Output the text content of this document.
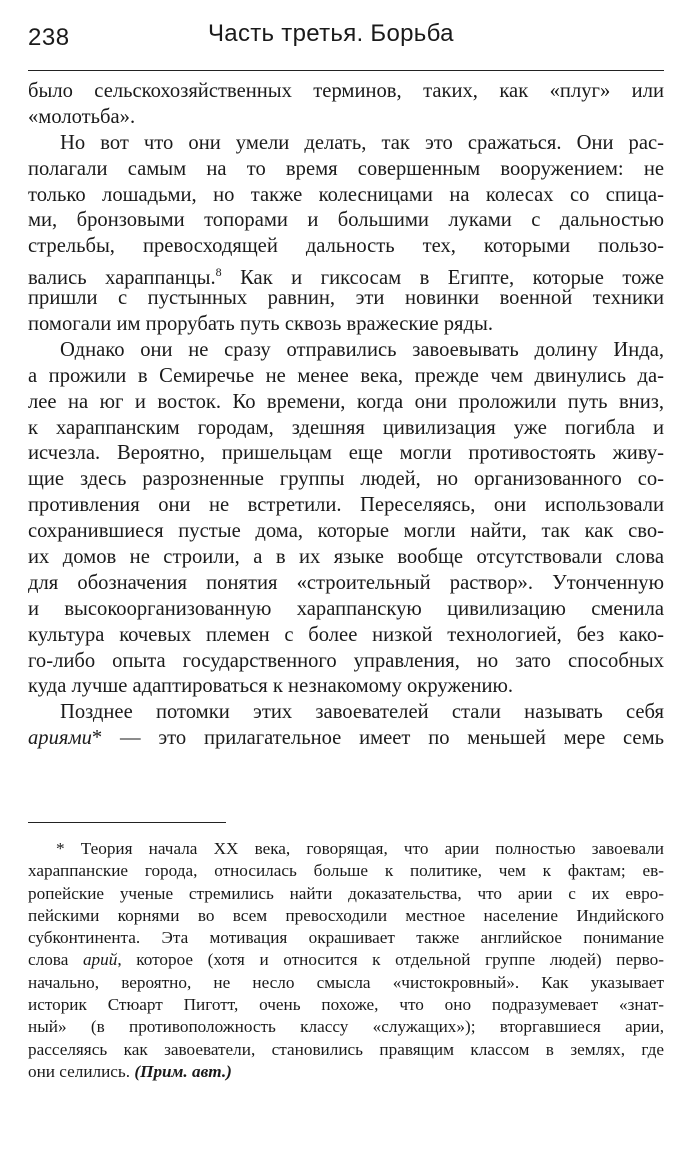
238	Часть третья. Борьба
было сельскохозяйственных терминов, таких, как «плуг» или
«молотьба».
Но вот что они умели делать, так это сражаться. Они рас-
полагали самым на то время совершенным вооружением: не
только лошадьми, но также колесницами на колесах со спица-
ми, бронзовыми топорами и большими луками с дальностью
стрельбы, превосходящей дальность тех, которыми пользо-
вались хараппанцы.$^8$ Как и гиксосам в Египте, которые тоже
пришли с пустынных равнин, эти новинки военной техники
помогали им прорубать путь сквозь вражеские ряды.
Однако они не сразу отправились завоевывать долину Инда,
а прожили в Семиречье не менее века, прежде чем двинулись да-
лее на юг и восток. Ко времени, когда они проложили путь вниз,
к хараппанским городам, здешняя цивилизация уже погибла и
исчезла. Вероятно, пришельцам еще могли противостоять живу-
щие здесь разрозненные группы людей, но организованного со-
противления они не встретили. Переселяясь, они использовали
сохранившиеся пустые дома, которые могли найти, так как сво-
их домов не строили, а в их языке вообще отсутствовали слова
для обозначения понятия «строительный раствор». Утонченную
и высокоорганизованную хараппанскую цивилизацию сменила
культура кочевых племен с более низкой технологией, без како-
го-либо опыта государственного управления, но зато способных
куда лучше адаптироваться к незнакомому окружению.
Позднее потомки этих завоевателей стали называть себя
ариями* — это прилагательное имеет по меньшей мере семь
* Теория начала XX века, говорящая, что арии полностью завоевали
хараппанские города, относилась больше к политике, чем к фактам; ев-
ропейские ученые стремились найти доказательства, что арии с их евро-
пейскими корнями во всем превосходили местное население Индийского
субконтинента. Эта мотивация окрашивает также английское понимание
слова арий, которое (хотя и относится к отдельной группе людей) перво-
начально, вероятно, не несло смысла «чистокровный». Как указывает
историк Стюарт Пиготт, очень похоже, что оно подразумевает «знат-
ный» (в противоположность классу «служащих»); вторгавшиеся арии,
расселяясь как завоеватели, становились правящим классом в землях, где
они селились. (Прим. авт.)
